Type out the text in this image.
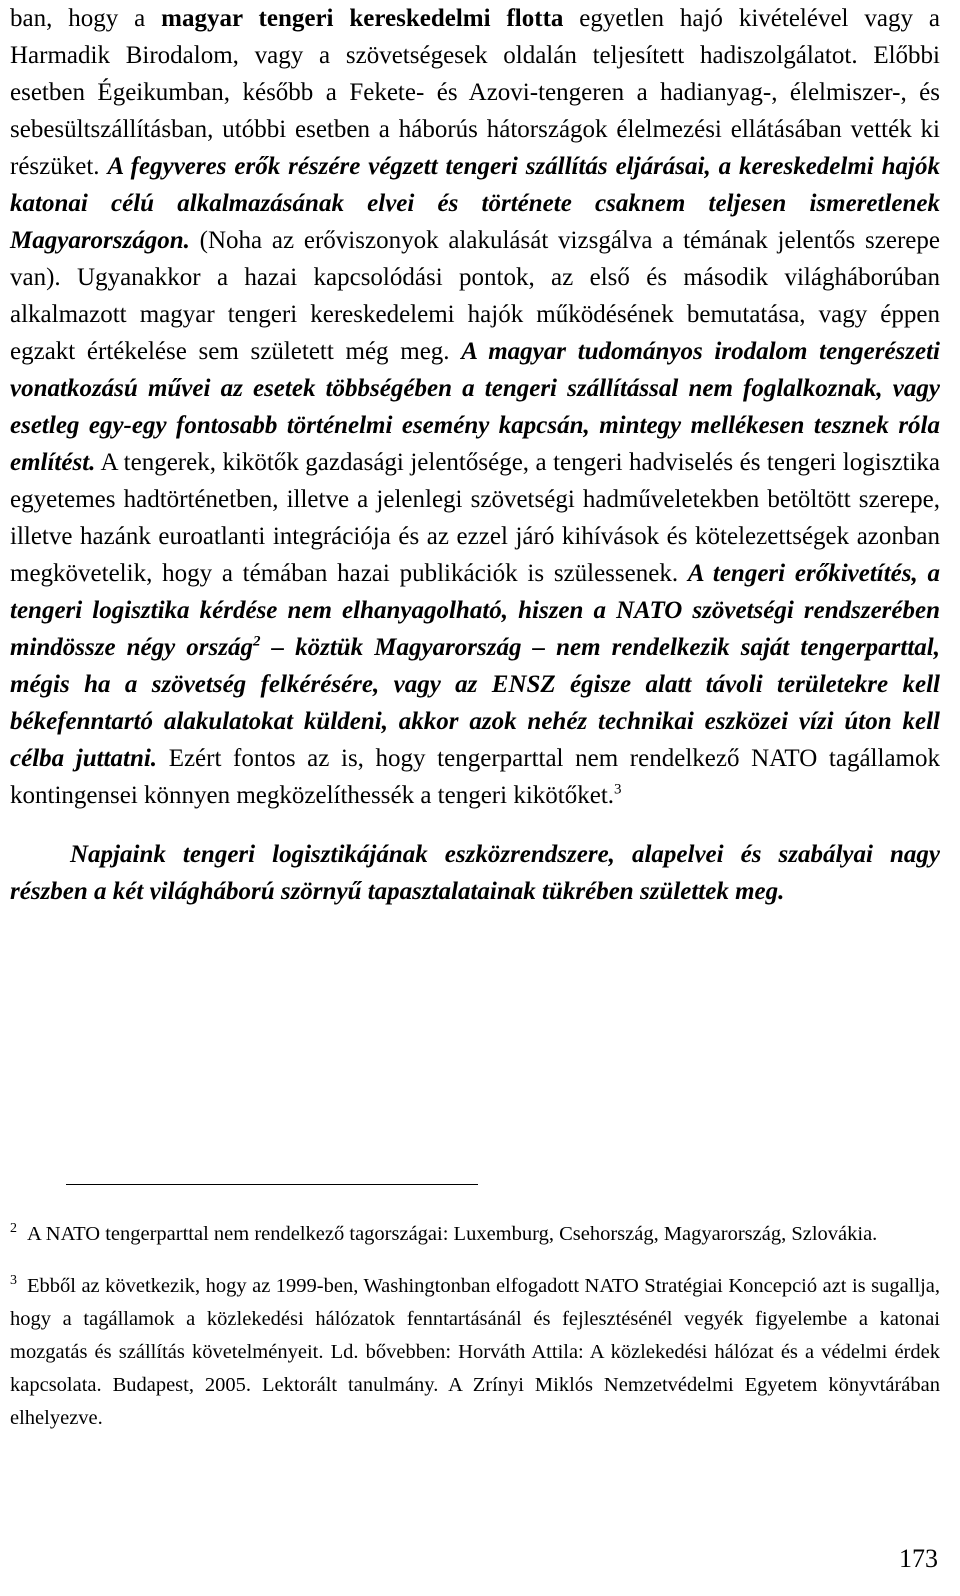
ban, hogy a magyar tengeri kereskedelmi flotta egyetlen hajó kivételével vagy a Harmadik Birodalom, vagy a szövetségesek oldalán teljesített hadiszolgálatot. Előbbi esetben Égeikumban, később a Fekete- és Azovi-tengeren a hadianyag-, élelmiszer-, és sebesültszállításban, utóbbi esetben a háborús hátországok élelmezési ellátásában vették ki részüket. A fegyveres erők részére végzett tengeri szállítás eljárásai, a kereskedelmi hajók katonai célú alkalmazásának elvei és története csaknem teljesen ismeretlenek Magyarországon. (Noha az erőviszonyok alakulását vizsgálva a témának jelentős szerepe van). Ugyanakkor a hazai kapcsolódási pontok, az első és második világháborúban alkalmazott magyar tengeri kereskedelemi hajók működésének bemutatása, vagy éppen egzakt értékelése sem született még meg. A magyar tudományos irodalom tengerészeti vonatkozású művei az esetek többségében a tengeri szállítással nem foglalkoznak, vagy esetleg egy-egy fontosabb történelmi esemény kapcsán, mintegy mellékesen tesznek róla említést. A tengerek, kikötők gazdasági jelentősége, a tengeri hadviselés és tengeri logisztika egyetemes hadtörténetben, illetve a jelenlegi szövetségi hadműveletekben betöltött szerepe, illetve hazánk euroatlanti integrációja és az ezzel járó kihívások és kötelezettségek azonban megkövetelik, hogy a témában hazai publikációk is szülessenek. A tengeri erőkivetítés, a tengeri logisztika kérdése nem elhanyagolható, hiszen a NATO szövetségi rendszerében mindössze négy ország$^2$ – köztük Magyarország – nem rendelkezik saját tengerparttal, mégis ha a szövetség felkérésére, vagy az ENSZ égisze alatt távoli területekre kell békefenntartó alakulatokat küldeni, akkor azok nehéz technikai eszközei vízi úton kell célba juttatni. Ezért fontos az is, hogy tengerparttal nem rendelkező NATO tagállamok kontingensei könnyen megközelíthessék a tengeri kikötőket.$^3$

Napjaink tengeri logisztikájának eszközrendszere, alapelvei és szabályai nagy részben a két világháború szörnyű tapasztalatainak tükrében születtek meg.

$^2$ A NATO tengerparttal nem rendelkező tagországai: Luxemburg, Csehország, Magyarország, Szlovákia.

$^3$ Ebből az következik, hogy az 1999-ben, Washingtonban elfogadott NATO Stratégiai Koncepció azt is sugallja, hogy a tagállamok a közlekedési hálózatok fenntartásánál és fejlesztésénél vegyék figyelembe a katonai mozgatás és szállítás követelményeit. Ld. bővebben: Horváth Attila: A közlekedési hálózat és a védelmi érdek kapcsolata. Budapest, 2005. Lektorált tanulmány. A Zrínyi Miklós Nemzetvédelmi Egyetem könyvtárában elhelyezve.

173
